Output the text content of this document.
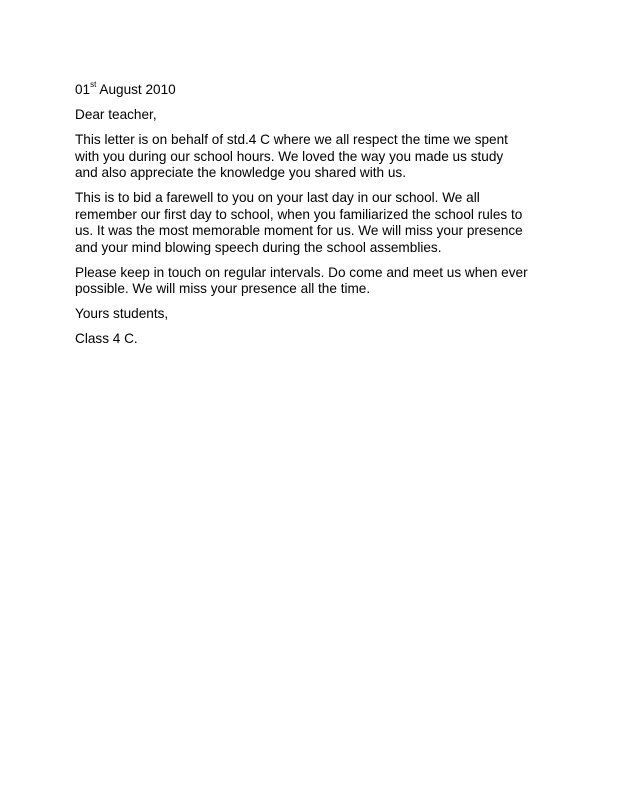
01st August 2010

Dear teacher,

This letter is on behalf of std.4 C where we all respect the time we spent

with you during our school hours. We loved the way you made us study

and also appreciate the knowledge you shared with us.

This is to bid a farewell to you on your last day in our school. We all

remember our first day to school, when you familiarized the school rules to

us. It was the most memorable moment for us. We will miss your presence

and your mind blowing speech during the school assemblies.

Please keep in touch on regular intervals. Do come and meet us when ever

possible. We will miss your presence all the time.

Yours students,

Class 4 C.
